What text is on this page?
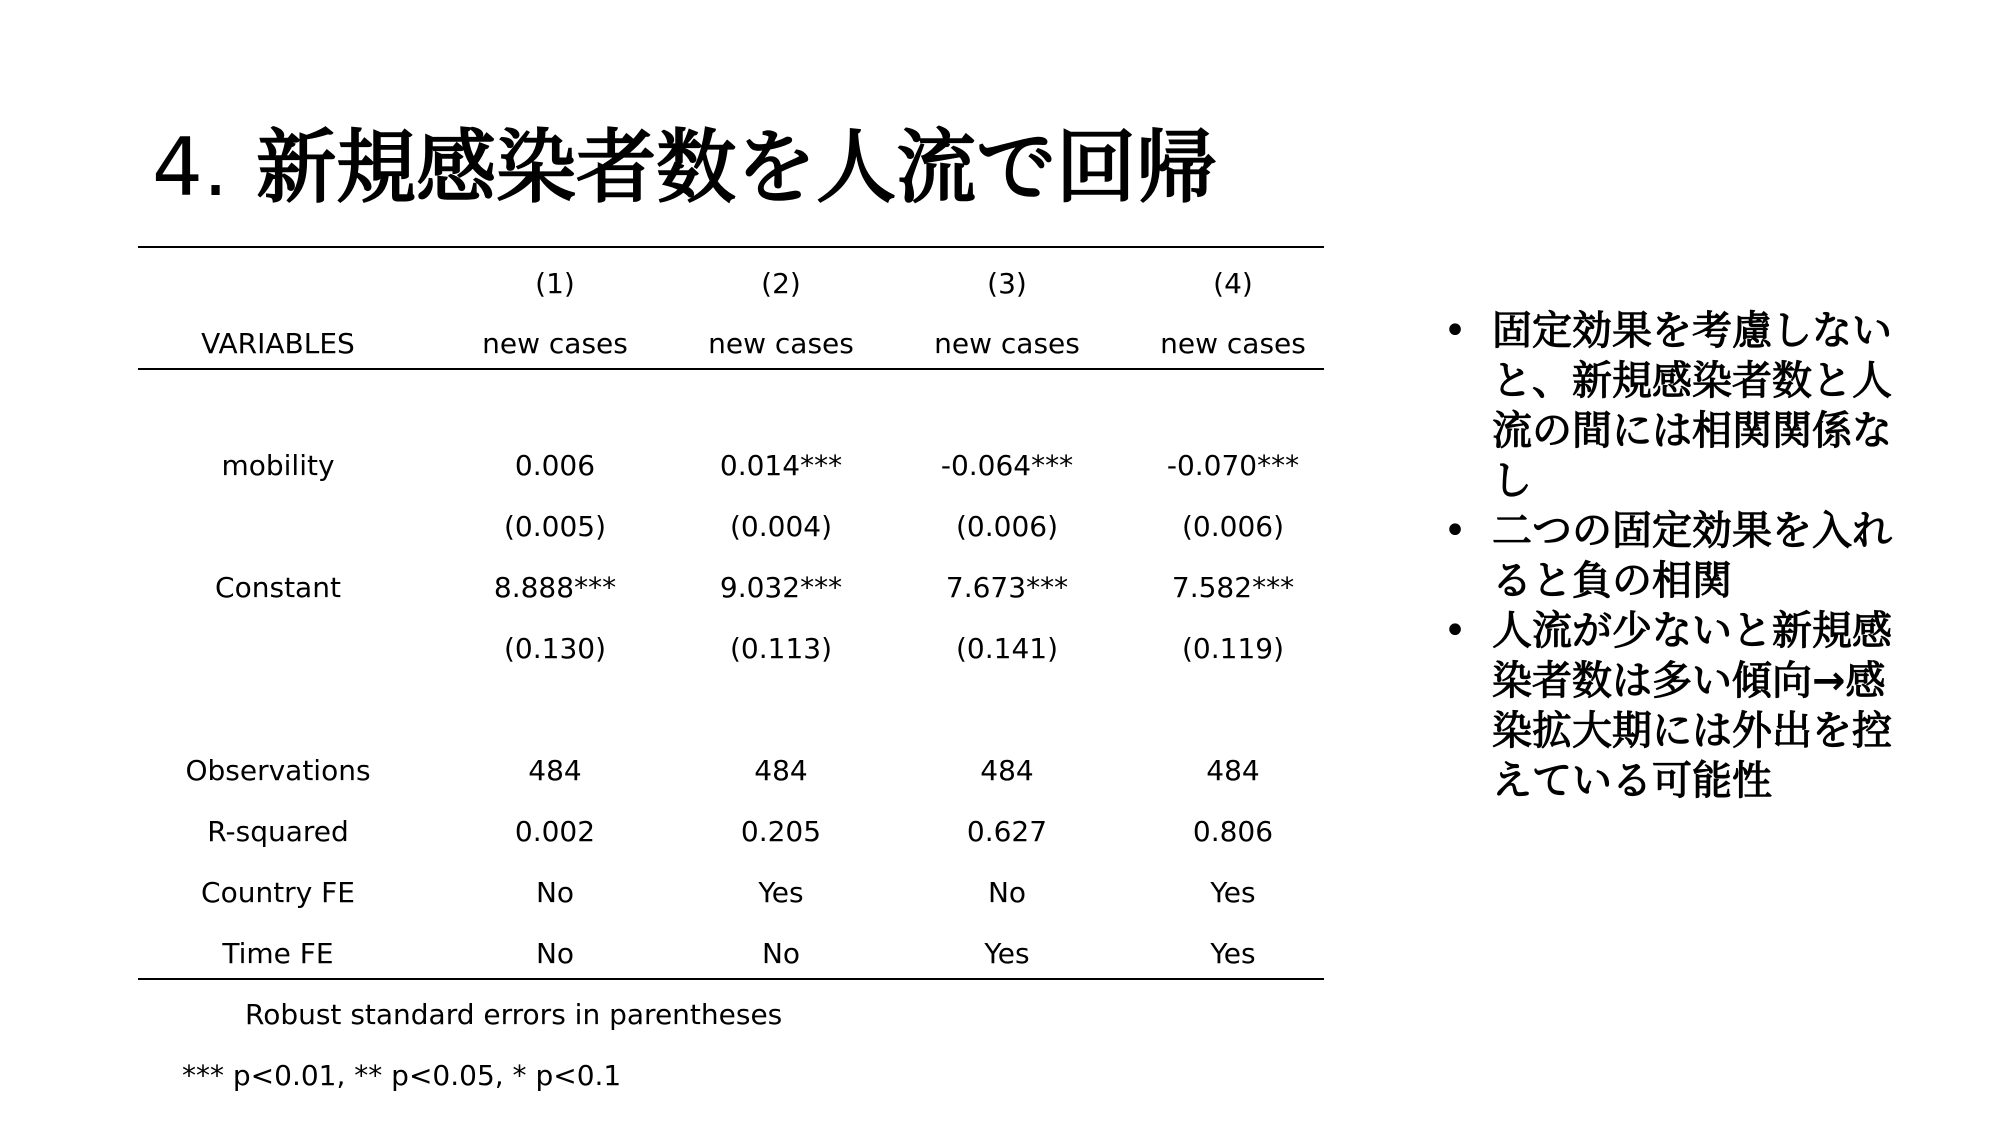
4. 新規感染者数を人流で回帰
(1)	(2)	(3)	(4)
VARIABLES	new cases	new cases	new cases	new cases
mobility	0.006	0.014***	-0.064***	-0.070***
(0.005)	(0.004)	(0.006)	(0.006)
Constant	8.888***	9.032***	7.673***	7.582***
(0.130)	(0.113)	(0.141)	(0.119)
Observations	484	484	484	484
R-squared	0.002	0.205	0.627	0.806
Country FE	No	Yes	No	Yes
Time FE	No	No	Yes	Yes
Robust standard errors in parentheses
*** p<0.01, ** p<0.05, * p<0.1
• 固定効果を考慮しないと、新規感染者数と人流の間には相関関係なし
• 二つの固定効果を入れると負の相関
• 人流が少ないと新規感染者数は多い傾向→感染拡大期には外出を控えている可能性
